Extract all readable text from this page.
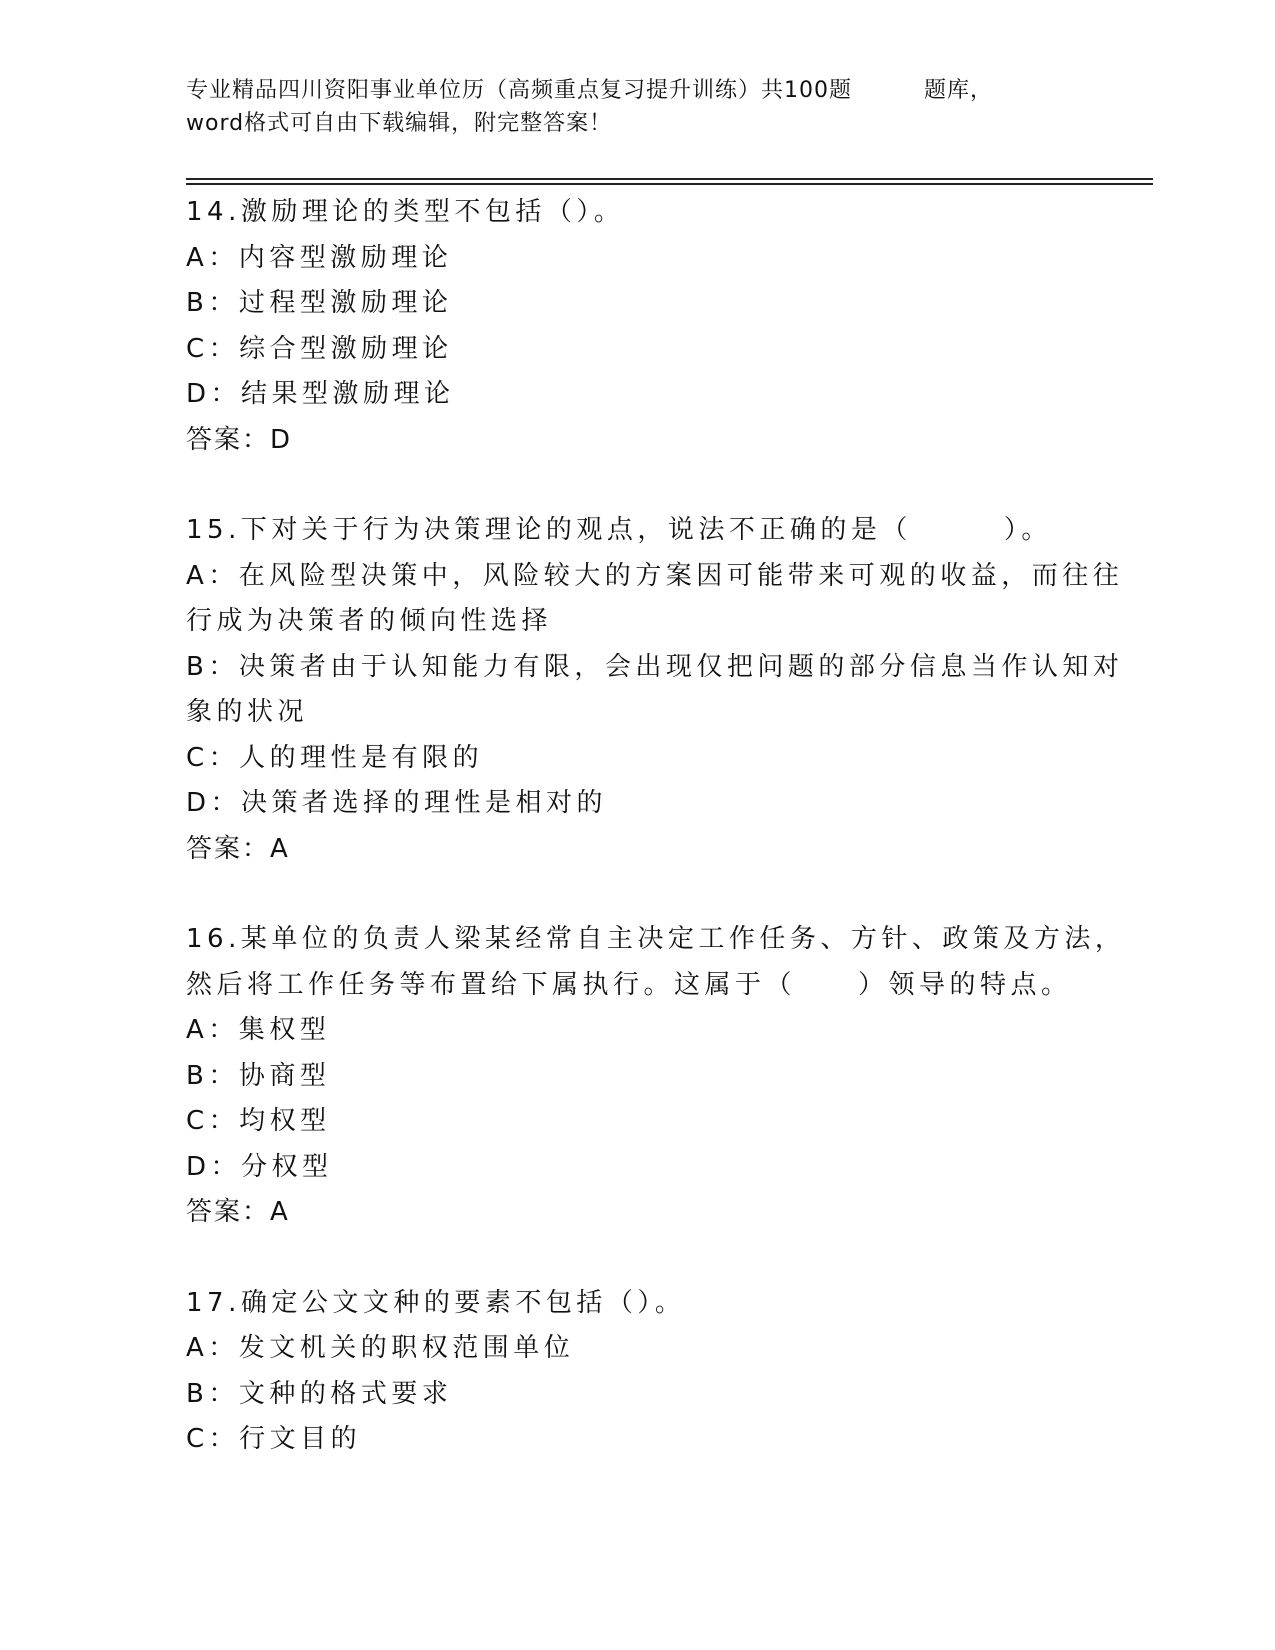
专业精品四川资阳事业单位历（高频重点复习提升训练）共100题	题库，
word格式可自由下载编辑，附完整答案！
14.激励理论的类型不包括（）。
A：内容型激励理论
B：过程型激励理论
C：综合型激励理论
D：结果型激励理论
答案：D
15.下对关于行为决策理论的观点，说法不正确的是（	）。
A：在风险型决策中，风险较大的方案因可能带来可观的收益，而往往
行成为决策者的倾向性选择
B：决策者由于认知能力有限，会出现仅把问题的部分信息当作认知对
象的状况
C：人的理性是有限的
D：决策者选择的理性是相对的
答案：A
16.某单位的负责人梁某经常自主决定工作任务、方针、政策及方法，
然后将工作任务等布置给下属执行。这属于（ ）领导的特点。
A：集权型
B：协商型
C：均权型
D：分权型
答案：A
17.确定公文文种的要素不包括（）。
A：发文机关的职权范围单位
B：文种的格式要求
C：行文目的
